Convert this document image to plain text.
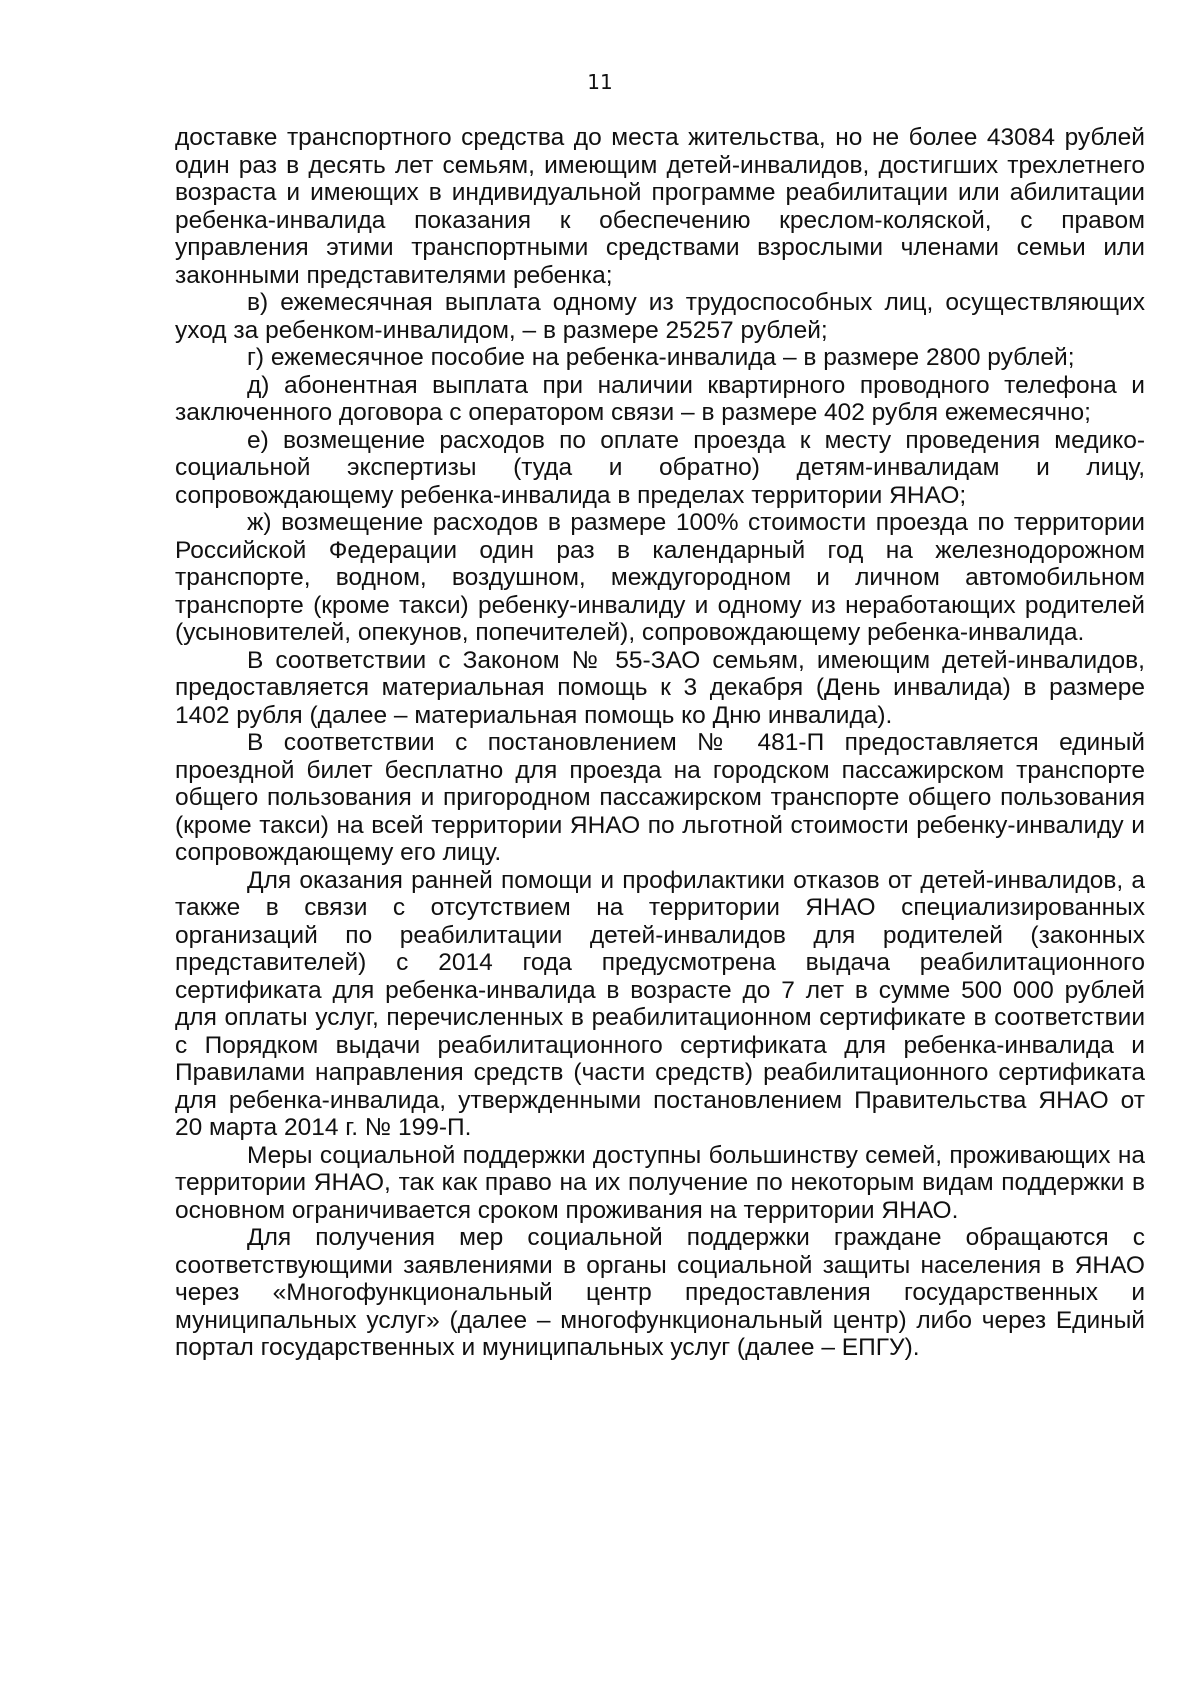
11

доставке транспортного средства до места жительства, но не более 43084 рублей один раз в десять лет семьям, имеющим детей-инвалидов, достигших трехлетнего возраста и имеющих в индивидуальной программе реабилитации или абилитации ребенка-инвалида показания к обеспечению креслом-коляской, с правом управления этими транспортными средствами взрослыми членами семьи или законными представителями ребенка;

в) ежемесячная выплата одному из трудоспособных лиц, осуществляющих уход за ребенком-инвалидом, – в размере 25257 рублей;

г) ежемесячное пособие на ребенка-инвалида – в размере 2800 рублей;

д) абонентная выплата при наличии квартирного проводного телефона и заключенного договора с оператором связи – в размере 402 рубля ежемесячно;

е) возмещение расходов по оплате проезда к месту проведения медико-социальной экспертизы (туда и обратно) детям-инвалидам и лицу, сопровождающему ребенка-инвалида в пределах территории ЯНАО;

ж) возмещение расходов в размере 100% стоимости проезда по территории Российской Федерации один раз в календарный год на железнодорожном транспорте, водном, воздушном, междугородном и личном автомобильном транспорте (кроме такси) ребенку-инвалиду и одному из неработающих родителей (усыновителей, опекунов, попечителей), сопровождающему ребенка-инвалида.

В соответствии с Законом № 55-ЗАО семьям, имеющим детей-инвалидов, предоставляется материальная помощь к 3 декабря (День инвалида) в размере 1402 рубля (далее – материальная помощь ко Дню инвалида).

В соответствии с постановлением № 481-П предоставляется единый проездной билет бесплатно для проезда на городском пассажирском транспорте общего пользования и пригородном пассажирском транспорте общего пользования (кроме такси) на всей территории ЯНАО по льготной стоимости ребенку-инвалиду и сопровождающему его лицу.

Для оказания ранней помощи и профилактики отказов от детей-инвалидов, а также в связи с отсутствием на территории ЯНАО специализированных организаций по реабилитации детей-инвалидов для родителей (законных представителей) с 2014 года предусмотрена выдача реабилитационного сертификата для ребенка-инвалида в возрасте до 7 лет в сумме 500 000 рублей для оплаты услуг, перечисленных в реабилитационном сертификате в соответствии с Порядком выдачи реабилитационного сертификата для ребенка-инвалида и Правилами направления средств (части средств) реабилитационного сертификата для ребенка-инвалида, утвержденными постановлением Правительства ЯНАО от 20 марта 2014 г. № 199-П.

Меры социальной поддержки доступны большинству семей, проживающих на территории ЯНАО, так как право на их получение по некоторым видам поддержки в основном ограничивается сроком проживания на территории ЯНАО.

Для получения мер социальной поддержки граждане обращаются с соответствующими заявлениями в органы социальной защиты населения в ЯНАО через «Многофункциональный центр предоставления государственных и муниципальных услуг» (далее – многофункциональный центр) либо через Единый портал государственных и муниципальных услуг (далее – ЕПГУ).
